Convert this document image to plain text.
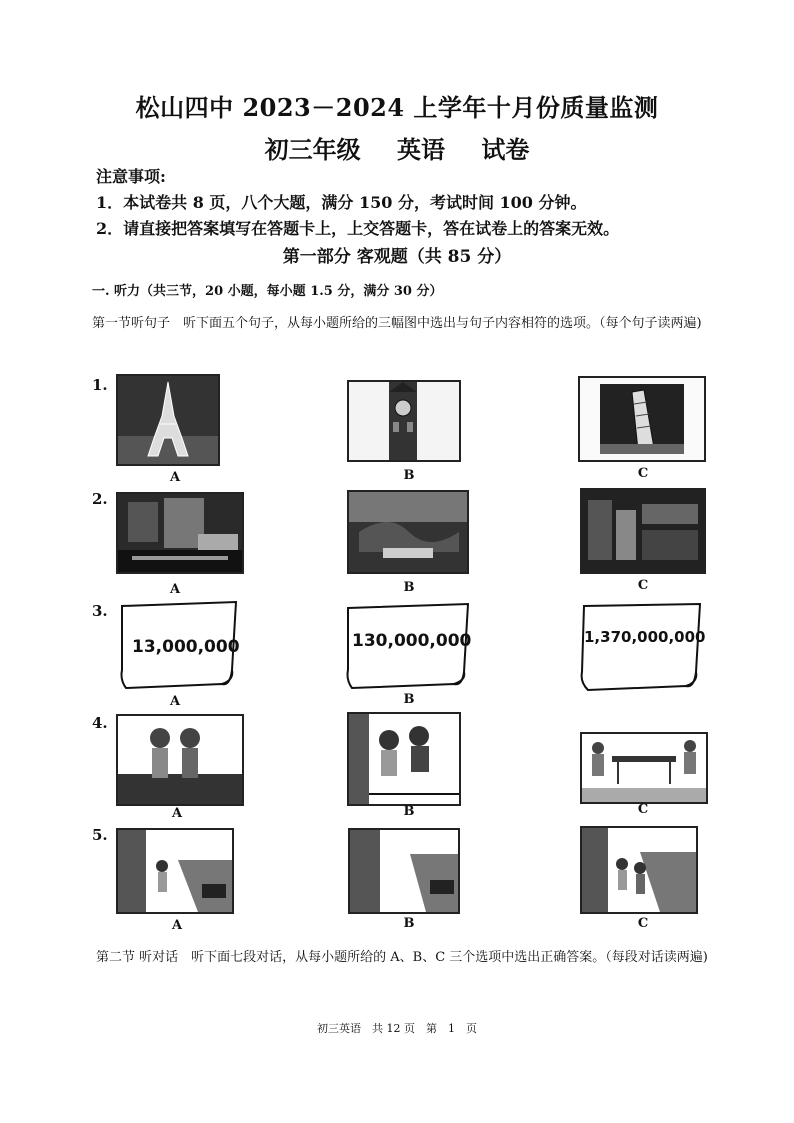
松山四中 2023－2024 上学年十月份质量监测
初三年级 英语 试卷
注意事项:
1．本试卷共 8 页，八个大题，满分 150 分，考试时间 100 分钟。
2．请直接把答案填写在答题卡上，上交答题卡，答在试卷上的答案无效。
第一部分 客观题（共 85 分）
一. 听力（共三节，20 小题，每小题 1.5 分，满分 30 分）
第一节听句子　听下面五个句子，从每小题所给的三幅图中选出与句子内容相符的选项。（每个句子读两遍)
1.
A	B	C
2.
A	B	C
3.
13,000,000
A
130,000,000
B
1,370,000,000
4.
A	B	C
5.
A	B	C
第二节 听对话　听下面七段对话，从每小题所给的 A、B、C 三个选项中选出正确答案。（每段对话读两遍)
初三英语　共 12 页　第　1　页
